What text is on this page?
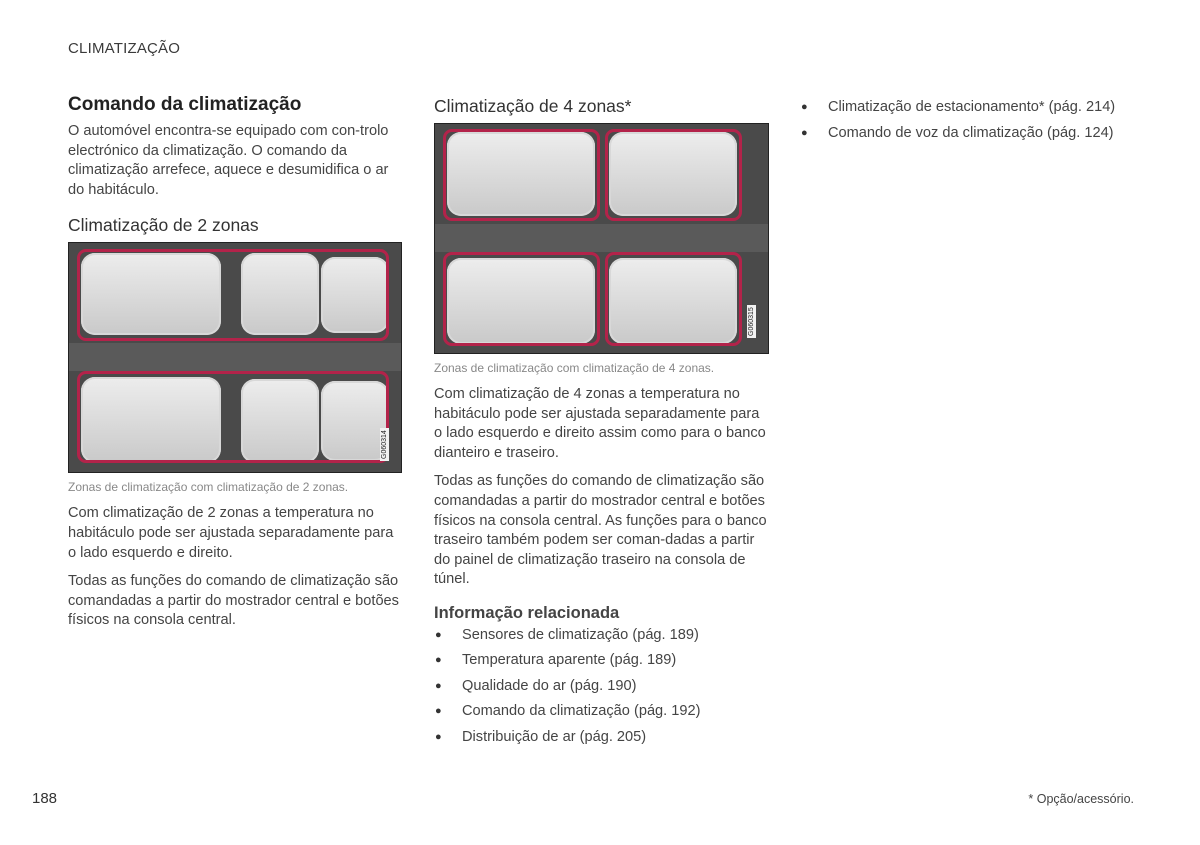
CLIMATIZAÇÃO
Comando da climatização

O automóvel encontra-se equipado com con-trolo electrónico da climatização. O comando da climatização arrefece, aquece e desumidifica o ar do habitáculo.

Climatização de 2 zonas
G060314
Zonas de climatização com climatização de 2 zonas.

Com climatização de 2 zonas a temperatura no habitáculo pode ser ajustada separadamente para o lado esquerdo e direito.

Todas as funções do comando de climatização são comandadas a partir do mostrador central e botões físicos na consola central.

Climatização de 4 zonas*
G060315
Zonas de climatização com climatização de 4 zonas.

Com climatização de 4 zonas a temperatura no habitáculo pode ser ajustada separadamente para o lado esquerdo e direito assim como para o banco dianteiro e traseiro.

Todas as funções do comando de climatização são comandadas a partir do mostrador central e botões físicos na consola central. As funções para o banco traseiro também podem ser coman-dadas a partir do painel de climatização traseiro na consola de túnel.

Informação relacionada
● Sensores de climatização (pág. 189)
● Temperatura aparente (pág. 189)
● Qualidade do ar (pág. 190)
● Comando da climatização (pág. 192)
● Distribuição de ar (pág. 205)
● Climatização de estacionamento* (pág. 214)
● Comando de voz da climatização (pág. 124)
188	* Opção/acessório.
